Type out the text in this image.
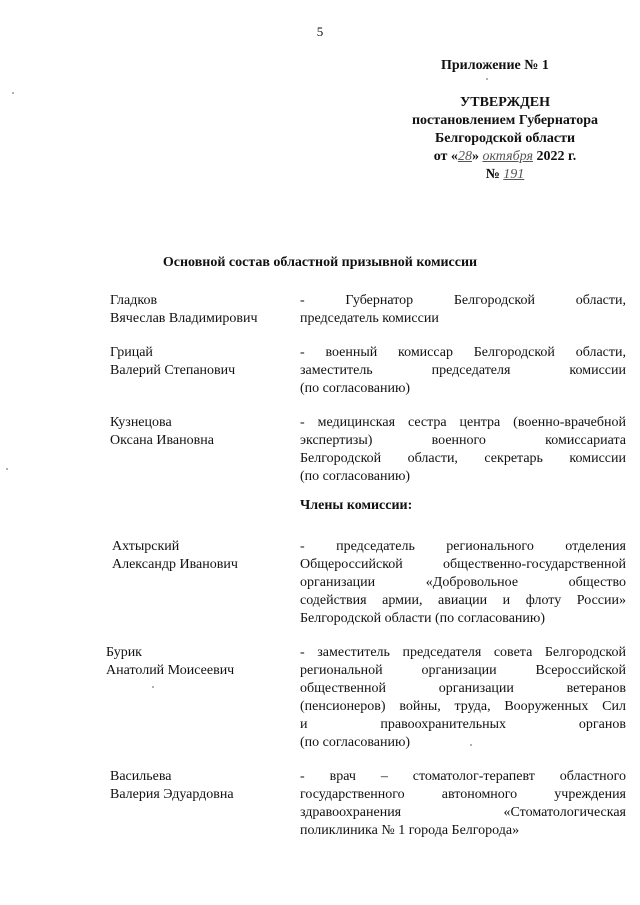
5
Приложение № 1
УТВЕРЖДЕН
постановлением Губернатора
Белгородской области
от «28» октября 2022 г.
№ 191
Основной состав областной призывной комиссии
Гладков
Вячеслав Владимирович
- Губернатор Белгородской области,
председатель комиссии
Грицай
Валерий Степанович
- военный комиссар Белгородской области,
заместитель председателя комиссии
(по согласованию)
Кузнецова
Оксана Ивановна
- медицинская сестра центра (военно-врачебной
экспертизы) военного комиссариата
Белгородской области, секретарь комиссии
(по согласованию)
Члены комиссии:
Ахтырский
Александр Иванович
- председатель регионального отделения
Общероссийской общественно-государственной
организации «Добровольное общество
содействия армии, авиации и флоту России»
Белгородской области (по согласованию)
Бурик
Анатолий Моисеевич
- заместитель председателя совета Белгородской
региональной организации Всероссийской
общественной организации ветеранов
(пенсионеров) войны, труда, Вооруженных Сил
и правоохранительных органов
(по согласованию)
Васильева
Валерия Эдуардовна
- врач – стоматолог-терапевт областного
государственного автономного учреждения
здравоохранения «Стоматологическая
поликлиника № 1 города Белгорода»
